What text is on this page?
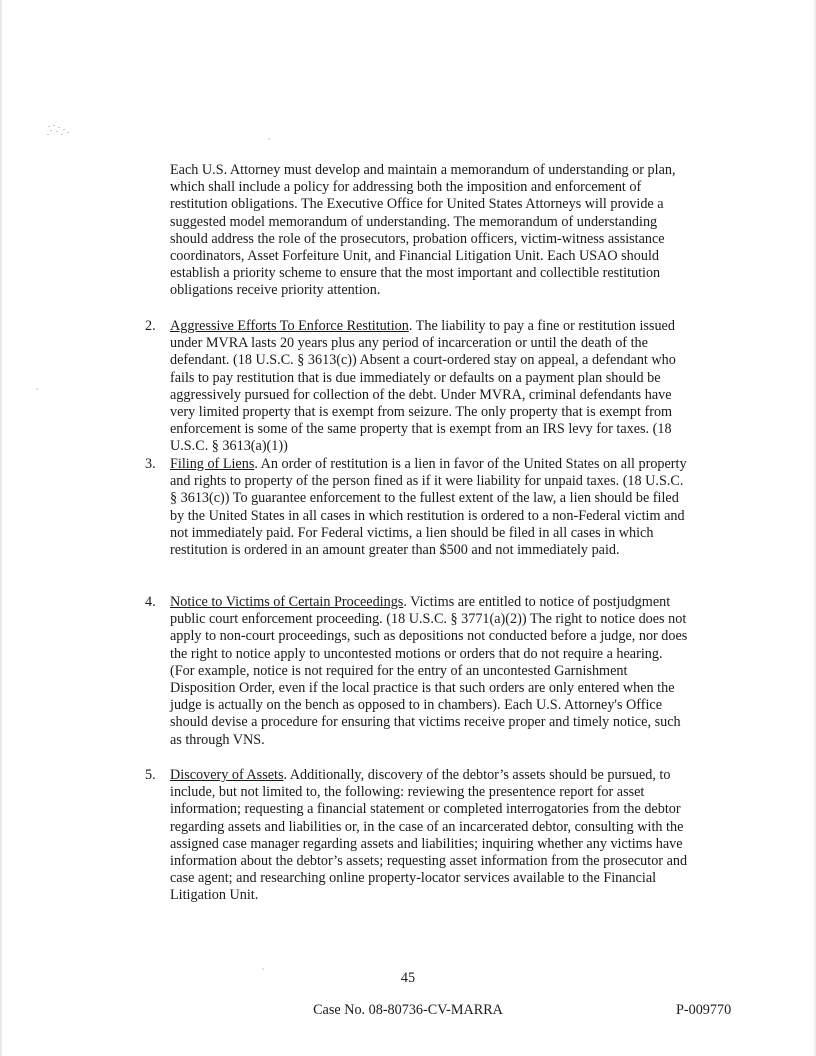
Each U.S. Attorney must develop and maintain a memorandum of understanding or plan, which shall include a policy for addressing both the imposition and enforcement of restitution obligations. The Executive Office for United States Attorneys will provide a suggested model memorandum of understanding. The memorandum of understanding should address the role of the prosecutors, probation officers, victim-witness assistance coordinators, Asset Forfeiture Unit, and Financial Litigation Unit. Each USAO should establish a priority scheme to ensure that the most important and collectible restitution obligations receive priority attention.

2. Aggressive Efforts To Enforce Restitution. The liability to pay a fine or restitution issued under MVRA lasts 20 years plus any period of incarceration or until the death of the defendant. (18 U.S.C. § 3613(c)) Absent a court-ordered stay on appeal, a defendant who fails to pay restitution that is due immediately or defaults on a payment plan should be aggressively pursued for collection of the debt. Under MVRA, criminal defendants have very limited property that is exempt from seizure. The only property that is exempt from enforcement is some of the same property that is exempt from an IRS levy for taxes. (18 U.S.C. § 3613(a)(1))

3. Filing of Liens. An order of restitution is a lien in favor of the United States on all property and rights to property of the person fined as if it were liability for unpaid taxes. (18 U.S.C. § 3613(c)) To guarantee enforcement to the fullest extent of the law, a lien should be filed by the United States in all cases in which restitution is ordered to a non-Federal victim and not immediately paid. For Federal victims, a lien should be filed in all cases in which restitution is ordered in an amount greater than $500 and not immediately paid.

4. Notice to Victims of Certain Proceedings. Victims are entitled to notice of postjudgment public court enforcement proceeding. (18 U.S.C. § 3771(a)(2)) The right to notice does not apply to non-court proceedings, such as depositions not conducted before a judge, nor does the right to notice apply to uncontested motions or orders that do not require a hearing. (For example, notice is not required for the entry of an uncontested Garnishment Disposition Order, even if the local practice is that such orders are only entered when the judge is actually on the bench as opposed to in chambers). Each U.S. Attorney's Office should devise a procedure for ensuring that victims receive proper and timely notice, such as through VNS.

5. Discovery of Assets. Additionally, discovery of the debtor’s assets should be pursued, to include, but not limited to, the following: reviewing the presentence report for asset information; requesting a financial statement or completed interrogatories from the debtor regarding assets and liabilities or, in the case of an incarcerated debtor, consulting with the assigned case manager regarding assets and liabilities; inquiring whether any victims have information about the debtor’s assets; requesting asset information from the prosecutor and case agent; and researching online property-locator services available to the Financial Litigation Unit.

45
Case No. 08-80736-CV-MARRA	P-009770
